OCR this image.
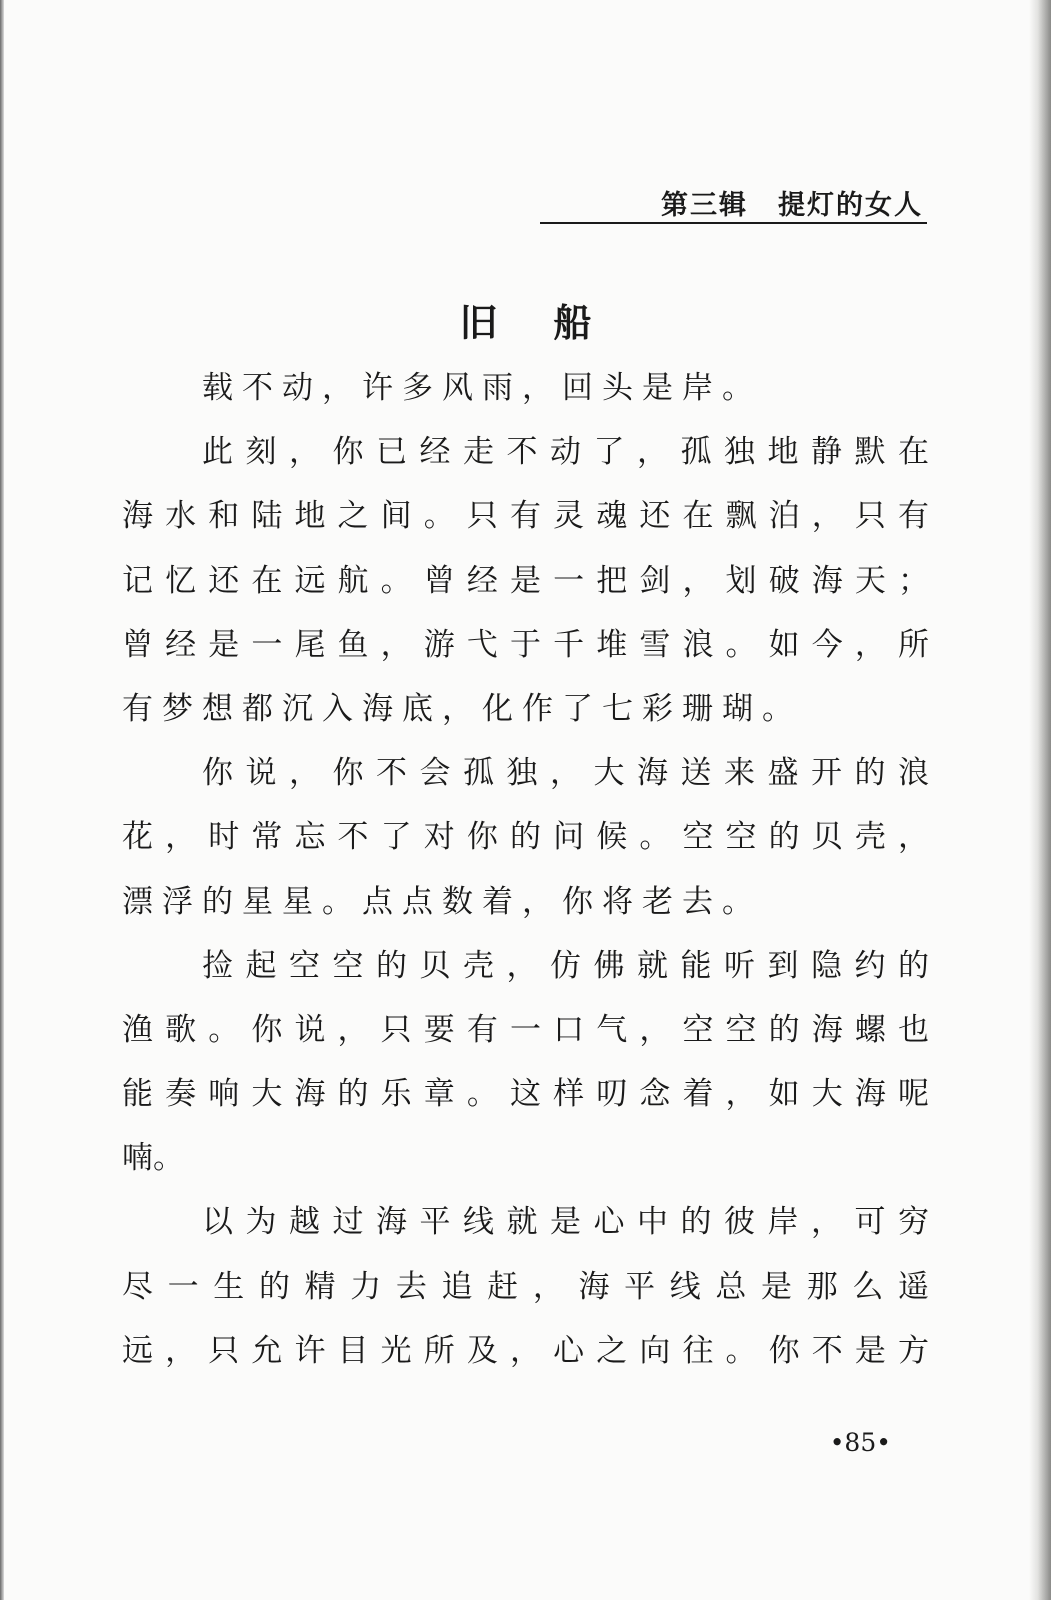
第三辑 提灯的女人
旧 船
载不动，许多风雨，回头是岸。
此刻，你已经走不动了，孤独地静默在
海水和陆地之间。只有灵魂还在飘泊，只有
记忆还在远航。曾经是一把剑，划破海天；
曾经是一尾鱼，游弋于千堆雪浪。如今，所
有梦想都沉入海底，化作了七彩珊瑚。
你说，你不会孤独，大海送来盛开的浪
花，时常忘不了对你的问候。空空的贝壳，
漂浮的星星。点点数着，你将老去。
捡起空空的贝壳，仿佛就能听到隐约的
渔歌。你说，只要有一口气，空空的海螺也
能奏响大海的乐章。这样叨念着，如大海呢
喃。
以为越过海平线就是心中的彼岸，可穷
尽一生的精力去追赶，海平线总是那么遥
远，只允许目光所及，心之向往。你不是方
•85•
